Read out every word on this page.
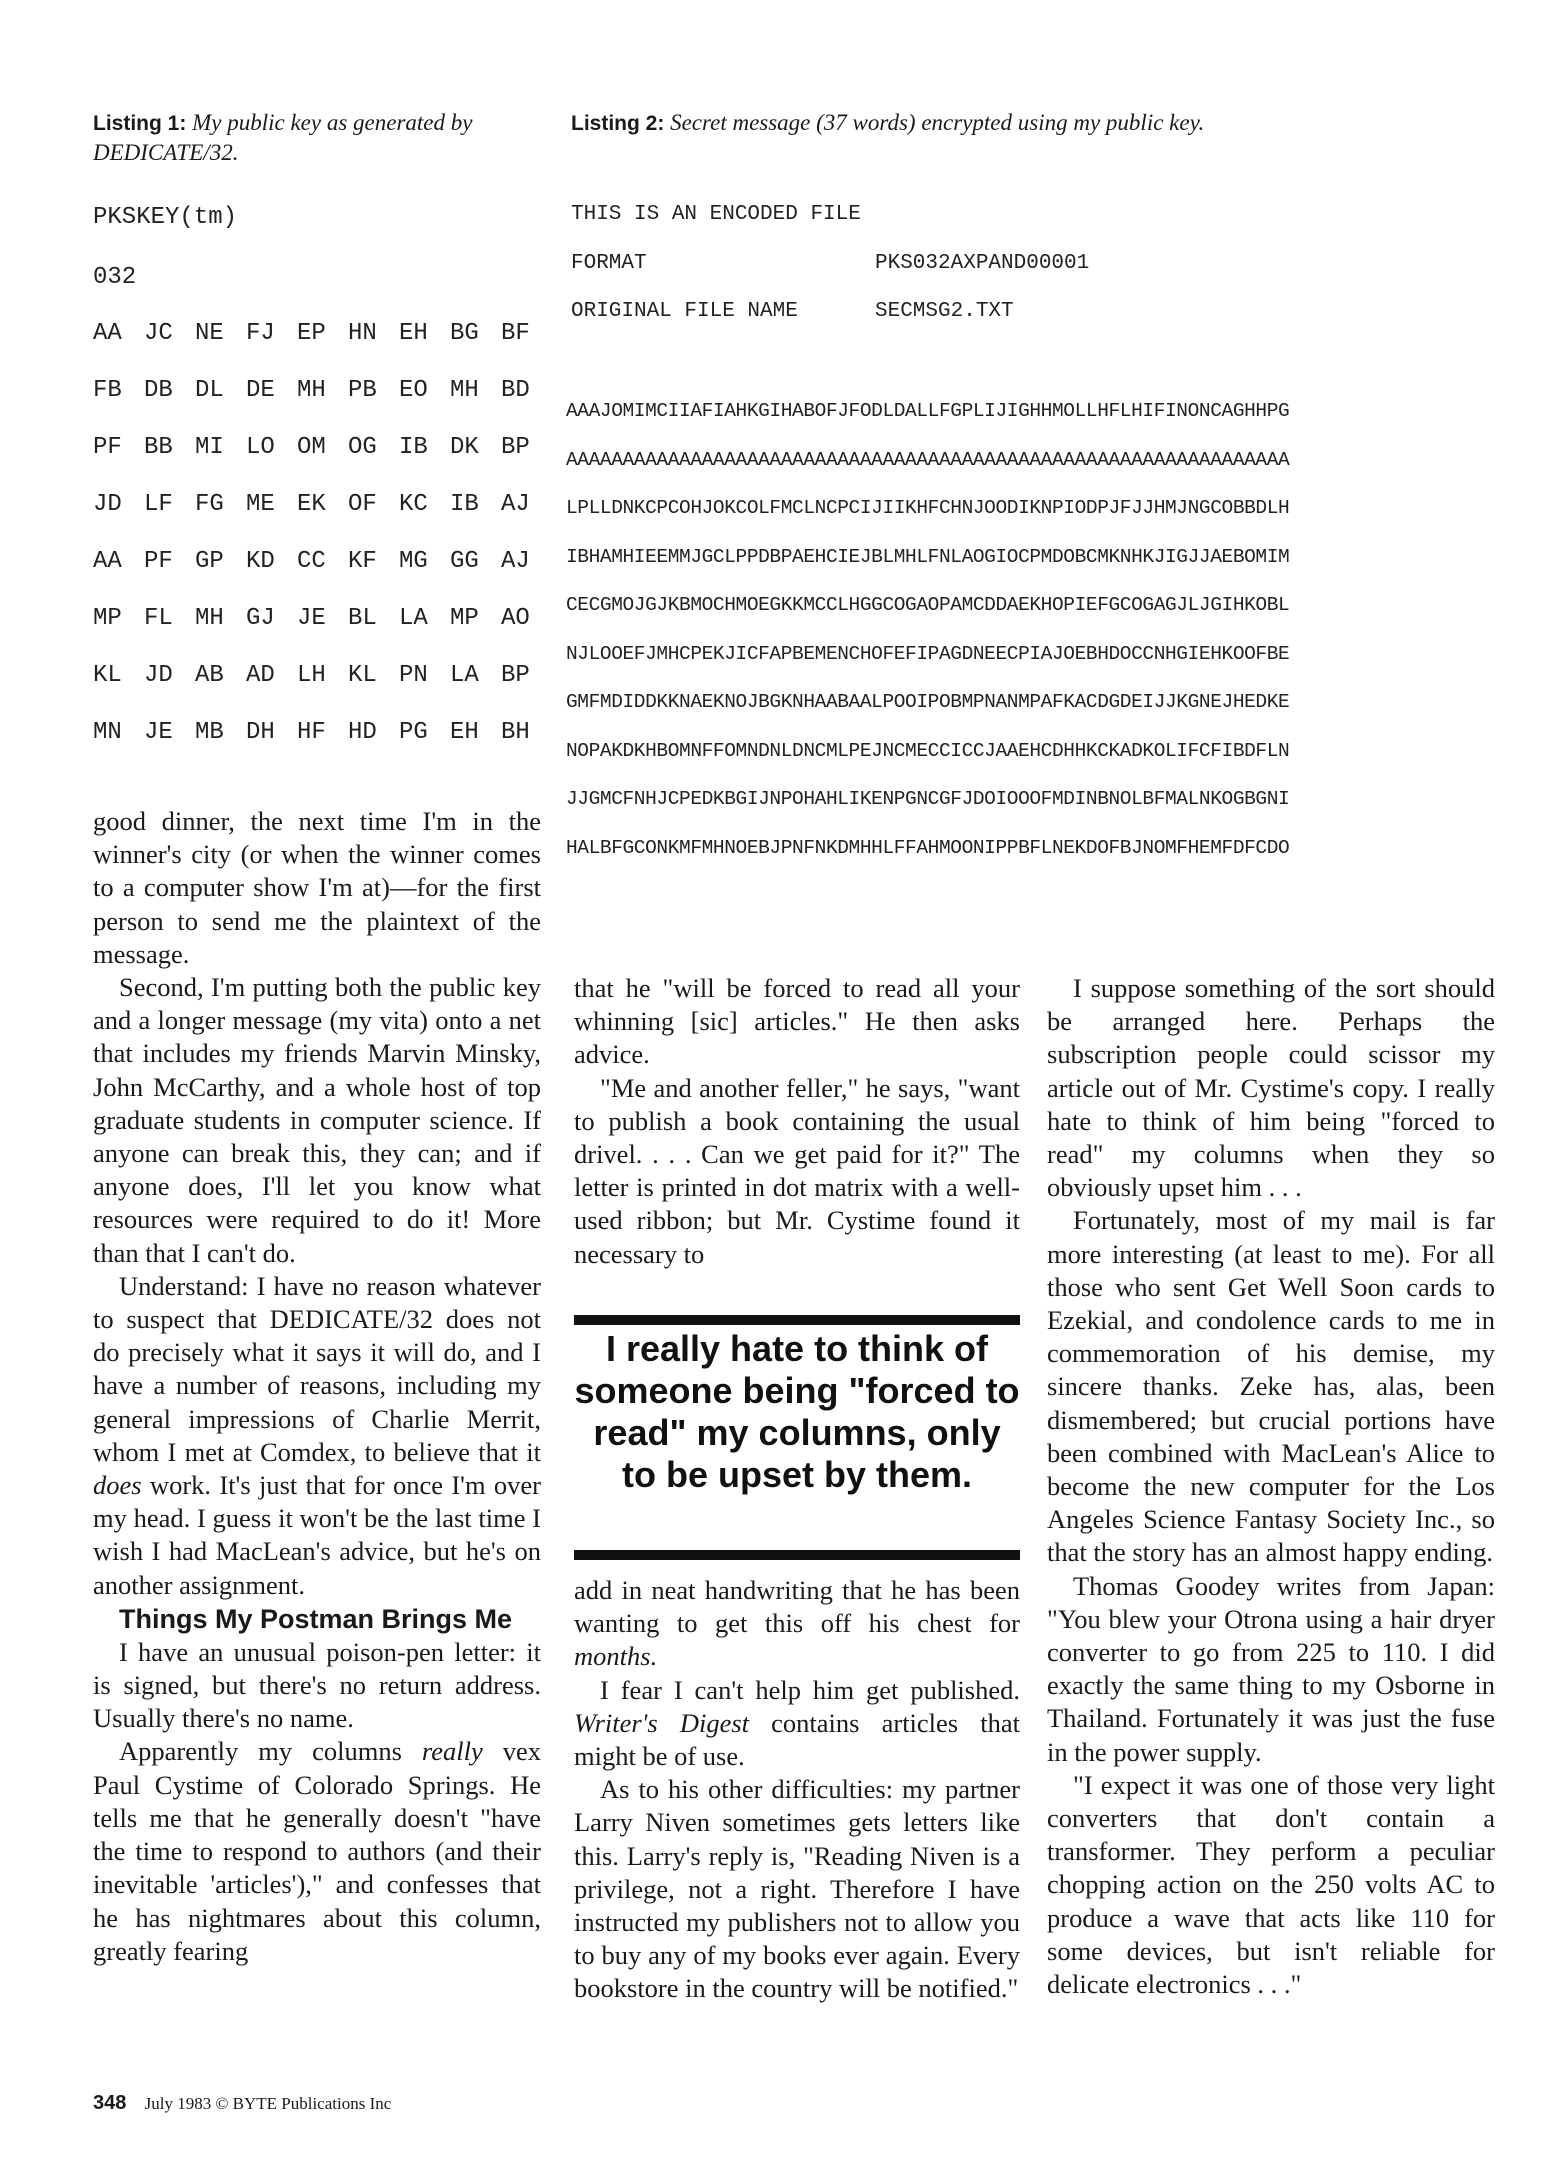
Listing 1: My public key as generated by DEDICATE/32.
Listing 2: Secret message (37 words) encrypted using my public key.
PKSKEY(tm)
032
AA JC NE FJ EP HN EH BG BF
FB DB DL DE MH PB EO MH BD
PF BB MI LO OM OG IB DK BP
JD LF FG ME EK OF KC IB AJ
AA PF GP KD CC KF MG GG AJ
MP FL MH GJ JE BL LA MP AO
KL JD AB AD LH KL PN LA BP
MN JE MB DH HF HD PG EH BH
THIS IS AN ENCODED FILE
FORMAT	PKS032AXPAND00001
ORIGINAL FILE NAME	SECMSG2.TXT
AAAJOMIMCIIAFIAHKGIHABOFJFODLDALLFGPLIJIGHHMOLLHFLHIFINONCAGHHPG
AAAAAAAAAAAAAAAAAAAAAAAAAAAAAAAAAAAAAAAAAAAAAAAAAAAAAAAAAAAAAAAA
LPLLDNKCPCOHJOKCOLFMCLNCPCIJIIKHFCHNJOODIKNPIODPJFJJHMJNGCOBBDLH
IBHAMHIEEMMJGCLPPDBPAEHCIEJBLMHLFNLAOGIOCPMDOBCMKNHKJIGJJAEBOMIM
CECGMOJGJKBMOCHMOEGKKMCCLHGGCOGAOPAMCDDAEKHOPIEFGCOGAGJLJGIHKOBL
NJLOOEFJMHCPEKJICFAPBEMENCHOFEFIPAGDNEECPIAJOEBHDOCCNHGIEHKOOFBE
GMFMDIDDKKNAEKNOJBGKNHAABAALPOOIPOBMPNANMPAFKACDGDEIJJKGNEJHEDKE
NOPAKDKHBOMNFFOMNDNLDNCMLPEJNCMECCICCJAAEHCDHHKCKADKOLIFCFIBDFLN
JJGMCFNHJCPEDKBGIJNPOHAHLIKENPGNCGFJDOIOOOFMDINBNOLBFMALNKOGBGNI
HALBFGCONKMFMHNOEBJPNFNKDMHHLFFAHMOONIPPBFLNEKDOFBJNOMFHEMFDFCDO

good dinner, the next time I'm in the winner's city (or when the winner comes to a computer show I'm at)—for the first person to send me the plaintext of the message.

Second, I'm putting both the public key and a longer message (my vita) onto a net that includes my friends Marvin Minsky, John McCarthy, and a whole host of top graduate students in computer science. If anyone can break this, they can; and if anyone does, I'll let you know what resources were required to do it! More than that I can't do.

Understand: I have no reason whatever to suspect that DEDICATE/32 does not do precisely what it says it will do, and I have a number of reasons, including my general impressions of Charlie Merrit, whom I met at Comdex, to believe that it does work. It's just that for once I'm over my head. I guess it won't be the last time I wish I had MacLean's advice, but he's on another assignment.

Things My Postman Brings Me

I have an unusual poison-pen letter: it is signed, but there's no return address. Usually there's no name.

Apparently my columns really vex Paul Cystime of Colorado Springs. He tells me that he generally doesn't "have the time to respond to authors (and their inevitable 'articles')," and confesses that he has nightmares about this column, greatly fearing

that he "will be forced to read all your whinning [sic] articles." He then asks advice.

"Me and another feller," he says, "want to publish a book containing the usual drivel. . . . Can we get paid for it?" The letter is printed in dot matrix with a well-used ribbon; but Mr. Cystime found it necessary to

I really hate to think of someone being "forced to read" my columns, only to be upset by them.

add in neat handwriting that he has been wanting to get this off his chest for months.

I fear I can't help him get published. Writer's Digest contains articles that might be of use.

As to his other difficulties: my partner Larry Niven sometimes gets letters like this. Larry's reply is, "Reading Niven is a privilege, not a right. Therefore I have instructed my publishers not to allow you to buy any of my books ever again. Every bookstore in the country will be notified."

I suppose something of the sort should be arranged here. Perhaps the subscription people could scissor my article out of Mr. Cystime's copy. I really hate to think of him being "forced to read" my columns when they so obviously upset him . . .

Fortunately, most of my mail is far more interesting (at least to me). For all those who sent Get Well Soon cards to Ezekial, and condolence cards to me in commemoration of his demise, my sincere thanks. Zeke has, alas, been dismembered; but crucial portions have been combined with MacLean's Alice to become the new computer for the Los Angeles Science Fantasy Society Inc., so that the story has an almost happy ending.

Thomas Goodey writes from Japan: "You blew your Otrona using a hair dryer converter to go from 225 to 110. I did exactly the same thing to my Osborne in Thailand. Fortunately it was just the fuse in the power supply.

"I expect it was one of those very light converters that don't contain a transformer. They perform a peculiar chopping action on the 250 volts AC to produce a wave that acts like 110 for some devices, but isn't reliable for delicate electronics . . ."

348 July 1983 © BYTE Publications Inc
